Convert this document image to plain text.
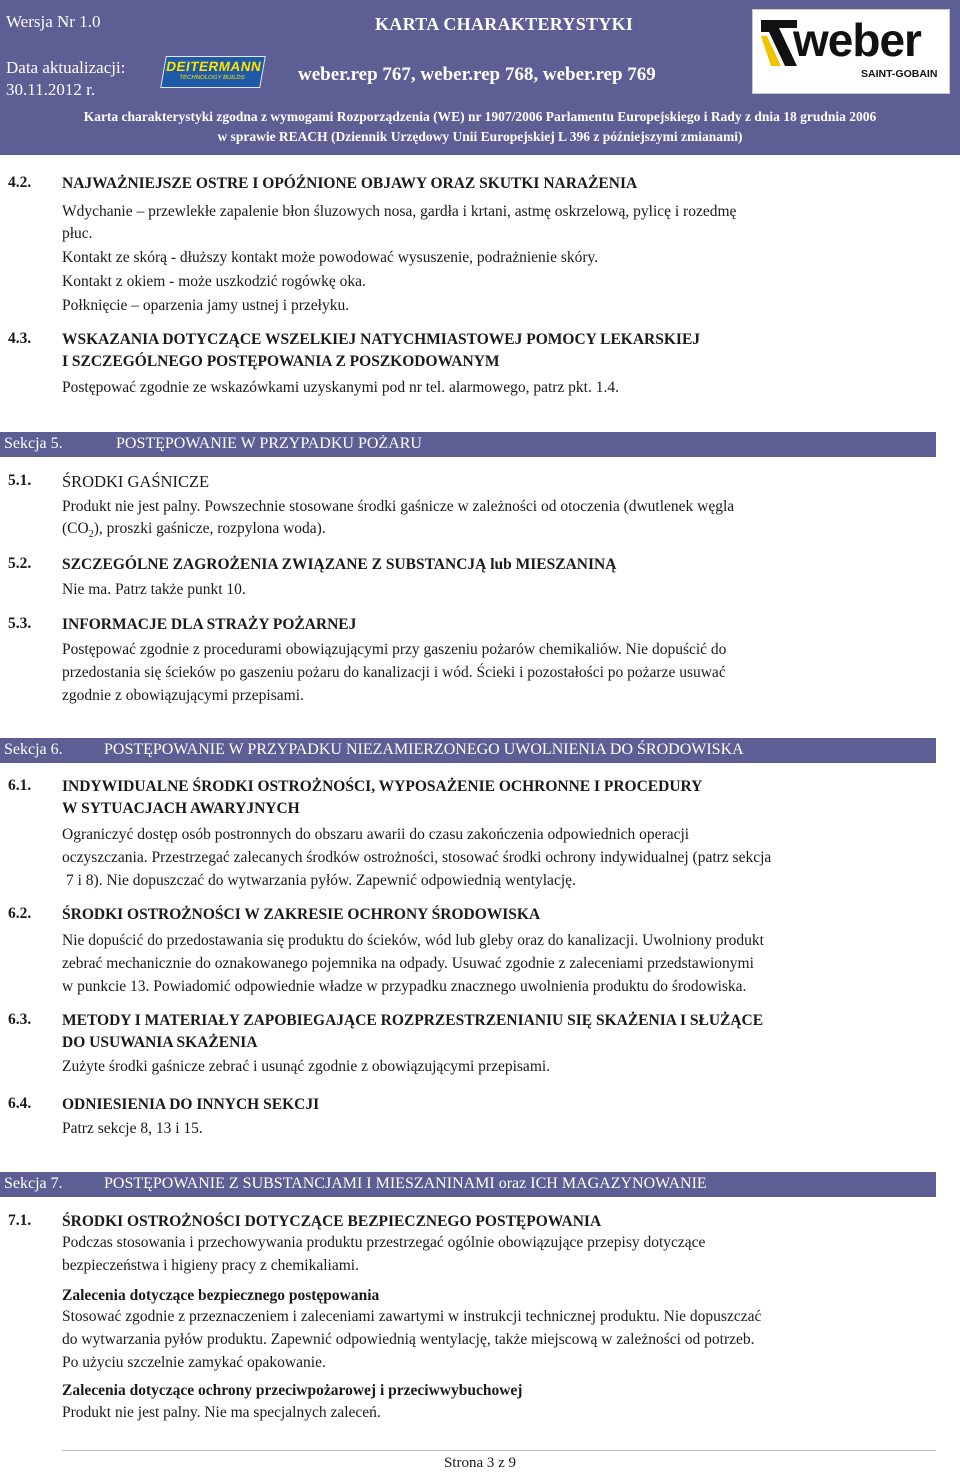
Wersja Nr 1.0
Data aktualizacji:
30.11.2012 r.
KARTA CHARAKTERYSTYKI
weber.rep 767, weber.rep 768, weber.rep 769
DEITERMANN
TECHNOLOGY BUILDS
weber
SAINT-GOBAIN
Karta charakterystyki zgodna z wymogami Rozporządzenia (WE) nr 1907/2006 Parlamentu Europejskiego i Rady z dnia 18 grudnia 2006
w sprawie REACH (Dziennik Urzędowy Unii Europejskiej L 396 z późniejszymi zmianami)
4.2. NAJWAŻNIEJSZE OSTRE I OPÓŹNIONE OBJAWY ORAZ SKUTKI NARAŻENIA
Wdychanie – przewlekłe zapalenie błon śluzowych nosa, gardła i krtani, astmę oskrzelową, pylicę i rozedmę
płuc.
Kontakt ze skórą - dłuższy kontakt może powodować wysuszenie, podrażnienie skóry.
Kontakt z okiem - może uszkodzić rogówkę oka.
Połknięcie – oparzenia jamy ustnej i przełyku.
4.3. WSKAZANIA DOTYCZĄCE WSZELKIEJ NATYCHMIASTOWEJ POMOCY LEKARSKIEJ
I SZCZEGÓLNEGO POSTĘPOWANIA Z POSZKODOWANYM
Postępować zgodnie ze wskazówkami uzyskanymi pod nr tel. alarmowego, patrz pkt. 1.4.
Sekcja 5.	POSTĘPOWANIE W PRZYPADKU POŻARU
5.1. ŚRODKI GAŚNICZE
Produkt nie jest palny. Powszechnie stosowane środki gaśnicze w zależności od otoczenia (dwutlenek węgla
$(CO_2)$, proszki gaśnicze, rozpylona woda).
5.2. SZCZEGÓLNE ZAGROŻENIA ZWIĄZANE Z SUBSTANCJĄ lub MIESZANINĄ
Nie ma. Patrz także punkt 10.
5.3. INFORMACJE DLA STRAŻY POŻARNEJ
Postępować zgodnie z procedurami obowiązującymi przy gaszeniu pożarów chemikaliów. Nie dopuścić do
przedostania się ścieków po gaszeniu pożaru do kanalizacji i wód. Ścieki i pozostałości po pożarze usuwać
zgodnie z obowiązującymi przepisami.
Sekcja 6.	POSTĘPOWANIE W PRZYPADKU NIEZAMIERZONEGO UWOLNIENIA DO ŚRODOWISKA
6.1. INDYWIDUALNE ŚRODKI OSTROŻNOŚCI, WYPOSAŻENIE OCHRONNE I PROCEDURY
W SYTUACJACH AWARYJNYCH
Ograniczyć dostęp osób postronnych do obszaru awarii do czasu zakończenia odpowiednich operacji
oczyszczania. Przestrzegać zalecanych środków ostrożności, stosować środki ochrony indywidualnej (patrz sekcja
7 i 8). Nie dopuszczać do wytwarzania pyłów. Zapewnić odpowiednią wentylację.
6.2. ŚRODKI OSTROŻNOŚCI W ZAKRESIE OCHRONY ŚRODOWISKA
Nie dopuścić do przedostawania się produktu do ścieków, wód lub gleby oraz do kanalizacji. Uwolniony produkt
zebrać mechanicznie do oznakowanego pojemnika na odpady. Usuwać zgodnie z zaleceniami przedstawionymi
w punkcie 13. Powiadomić odpowiednie władze w przypadku znacznego uwolnienia produktu do środowiska.
6.3. METODY I MATERIAŁY ZAPOBIEGAJĄCE ROZPRZESTRZENIANIU SIĘ SKAŻENIA I SŁUŻĄCE
DO USUWANIA SKAŻENIA
Zużyte środki gaśnicze zebrać i usunąć zgodnie z obowiązującymi przepisami.
6.4. ODNIESIENIA DO INNYCH SEKCJI
Patrz sekcje 8, 13 i 15.
Sekcja 7.	POSTĘPOWANIE Z SUBSTANCJAMI I MIESZANINAMI oraz ICH MAGAZYNOWANIE
7.1. ŚRODKI OSTROŻNOŚCI DOTYCZĄCE BEZPIECZNEGO POSTĘPOWANIA
Podczas stosowania i przechowywania produktu przestrzegać ogólnie obowiązujące przepisy dotyczące
bezpieczeństwa i higieny pracy z chemikaliami.
Zalecenia dotyczące bezpiecznego postępowania
Stosować zgodnie z przeznaczeniem i zaleceniami zawartymi w instrukcji technicznej produktu. Nie dopuszczać
do wytwarzania pyłów produktu. Zapewnić odpowiednią wentylację, także miejscową w zależności od potrzeb.
Po użyciu szczelnie zamykać opakowanie.
Zalecenia dotyczące ochrony przeciwpożarowej i przeciwwybuchowej
Produkt nie jest palny. Nie ma specjalnych zaleceń.
Strona 3 z 9
